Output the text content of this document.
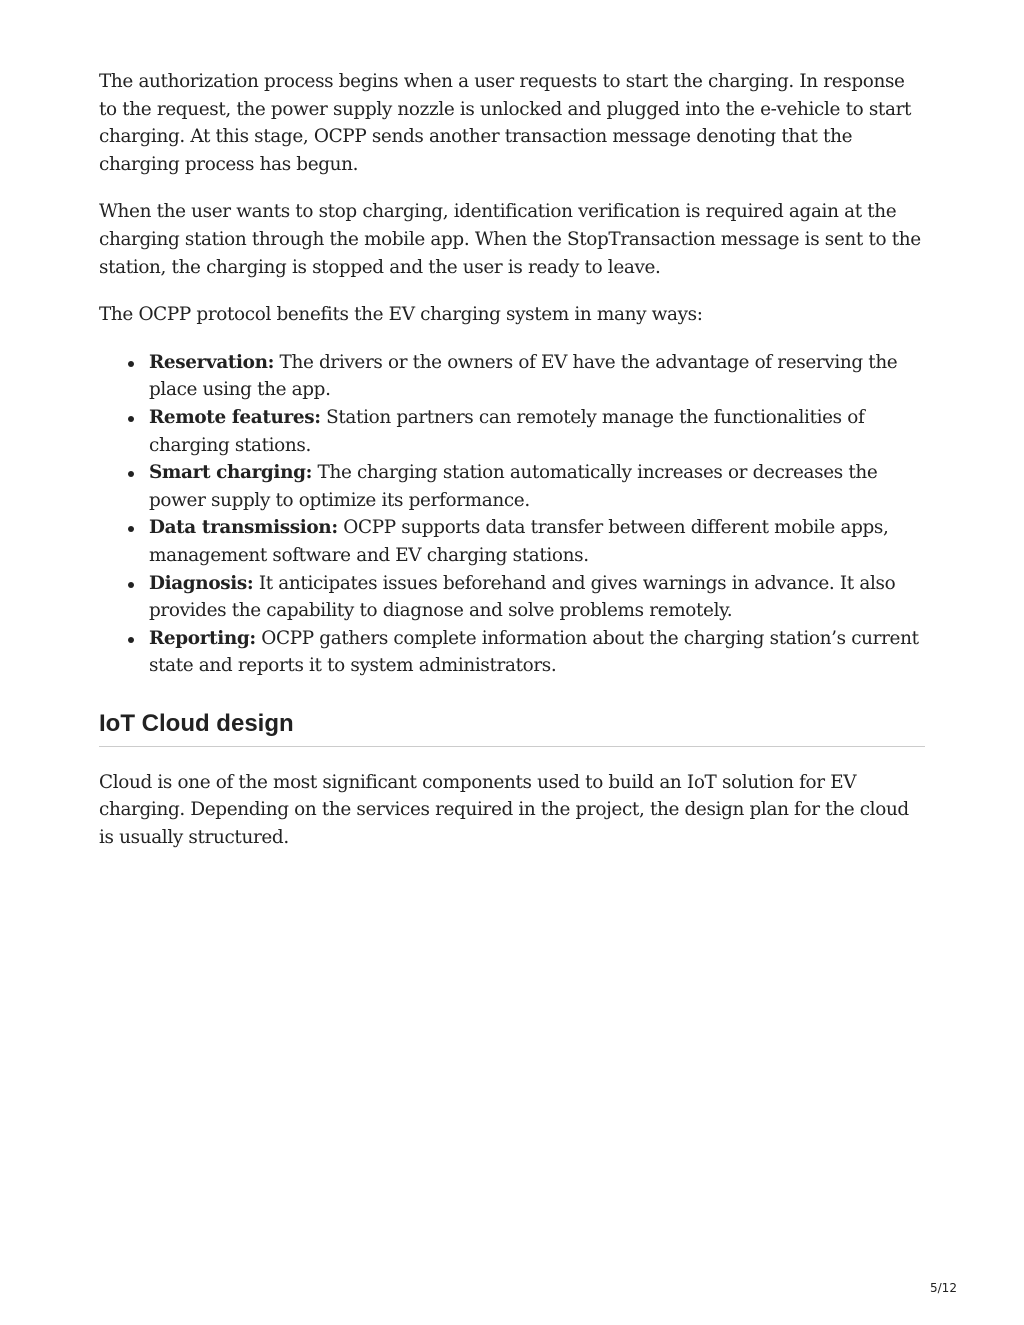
The authorization process begins when a user requests to start the charging. In response to the request, the power supply nozzle is unlocked and plugged into the e-vehicle to start charging. At this stage, OCPP sends another transaction message denoting that the charging process has begun.

When the user wants to stop charging, identification verification is required again at the charging station through the mobile app. When the StopTransaction message is sent to the station, the charging is stopped and the user is ready to leave.

The OCPP protocol benefits the EV charging system in many ways:

Reservation: The drivers or the owners of EV have the advantage of reserving the place using the app.
Remote features: Station partners can remotely manage the functionalities of charging stations.
Smart charging: The charging station automatically increases or decreases the power supply to optimize its performance.
Data transmission: OCPP supports data transfer between different mobile apps, management software and EV charging stations.
Diagnosis: It anticipates issues beforehand and gives warnings in advance. It also provides the capability to diagnose and solve problems remotely.
Reporting: OCPP gathers complete information about the charging station’s current state and reports it to system administrators.
IoT Cloud design

Cloud is one of the most significant components used to build an IoT solution for EV charging. Depending on the services required in the project, the design plan for the cloud is usually structured.

5/12
